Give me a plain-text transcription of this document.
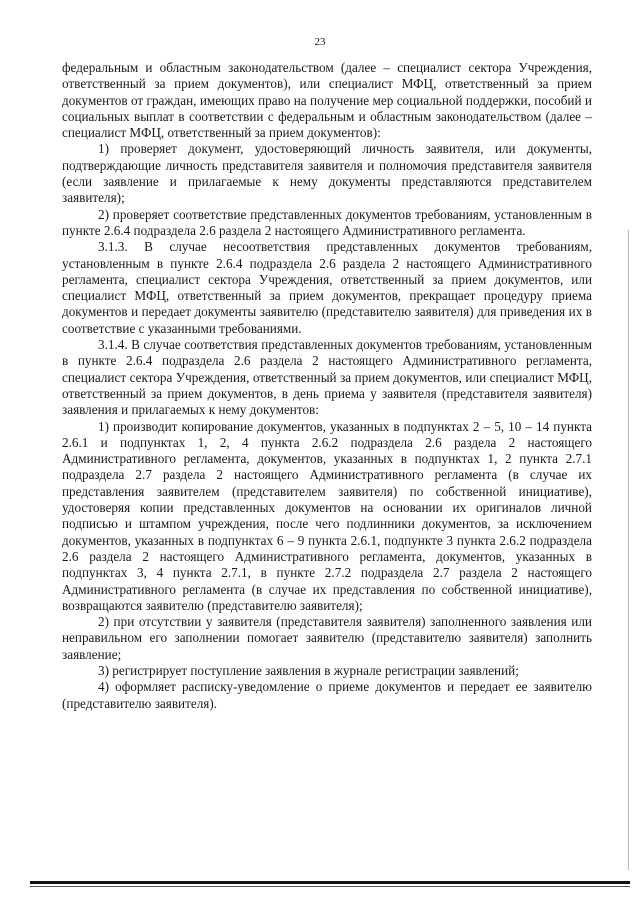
23

федеральным и областным законодательством (далее – специалист сектора Учреждения, ответственный за прием документов), или специалист МФЦ, ответственный за прием документов от граждан, имеющих право на получение мер социальной поддержки, пособий и социальных выплат в соответствии с федеральным и областным законодательством (далее – специалист МФЦ, ответственный за прием документов):

1) проверяет документ, удостоверяющий личность заявителя, или документы, подтверждающие личность представителя заявителя и полномочия представителя заявителя (если заявление и прилагаемые к нему документы представляются представителем заявителя);

2) проверяет соответствие представленных документов требованиям, установленным в пункте 2.6.4 подраздела 2.6 раздела 2 настоящего Административного регламента.

3.1.3. В случае несоответствия представленных документов требованиям, установленным в пункте 2.6.4 подраздела 2.6 раздела 2 настоящего Административного регламента, специалист сектора Учреждения, ответственный за прием документов, или специалист МФЦ, ответственный за прием документов, прекращает процедуру приема документов и передает документы заявителю (представителю заявителя) для приведения их в соответствие с указанными требованиями.

3.1.4. В случае соответствия представленных документов требованиям, установленным в пункте 2.6.4 подраздела 2.6 раздела 2 настоящего Административного регламента, специалист сектора Учреждения, ответственный за прием документов, или специалист МФЦ, ответственный за прием документов, в день приема у заявителя (представителя заявителя) заявления и прилагаемых к нему документов:

1) производит копирование документов, указанных в подпунктах 2 – 5, 10 – 14 пункта 2.6.1 и подпунктах 1, 2, 4 пункта 2.6.2 подраздела 2.6 раздела 2 настоящего Административного регламента, документов, указанных в подпунктах 1, 2 пункта 2.7.1 подраздела 2.7 раздела 2 настоящего Административного регламента (в случае их представления заявителем (представителем заявителя) по собственной инициативе), удостоверяя копии представленных документов на основании их оригиналов личной подписью и штампом учреждения, после чего подлинники документов, за исключением документов, указанных в подпунктах 6 – 9 пункта 2.6.1, подпункте 3 пункта 2.6.2 подраздела 2.6 раздела 2 настоящего Административного регламента, документов, указанных в подпунктах 3, 4 пункта 2.7.1, в пункте 2.7.2 подраздела 2.7 раздела 2 настоящего Административного регламента (в случае их представления по собственной инициативе), возвращаются заявителю (представителю заявителя);

2) при отсутствии у заявителя (представителя заявителя) заполненного заявления или неправильном его заполнении помогает заявителю (представителю заявителя) заполнить заявление;

3) регистрирует поступление заявления в журнале регистрации заявлений;

4) оформляет расписку-уведомление о приеме документов и передает ее заявителю (представителю заявителя).
